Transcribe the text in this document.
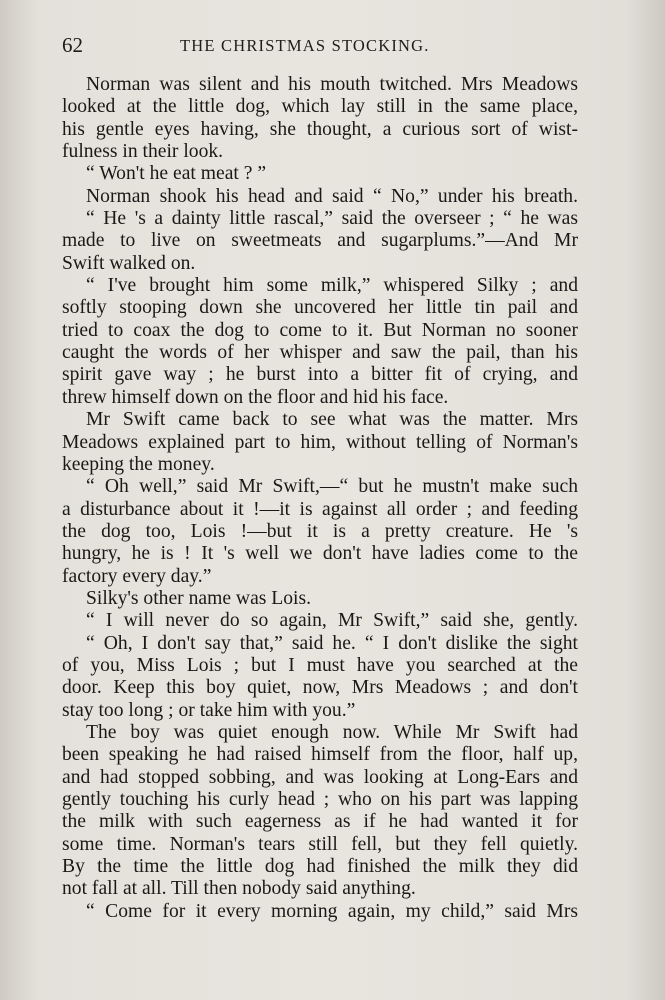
62	THE CHRISTMAS STOCKING.
Norman was silent and his mouth twitched. Mrs Meadows
looked at the little dog, which lay still in the same place,
his gentle eyes having, she thought, a curious sort of wist-
fulness in their look.
“ Won't he eat meat ? ”
Norman shook his head and said “ No,” under his breath.
“ He 's a dainty little rascal,” said the overseer ; “ he was
made to live on sweetmeats and sugarplums.”—And Mr
Swift walked on.
“ I've brought him some milk,” whispered Silky ; and
softly stooping down she uncovered her little tin pail and
tried to coax the dog to come to it. But Norman no sooner
caught the words of her whisper and saw the pail, than his
spirit gave way ; he burst into a bitter fit of crying, and
threw himself down on the floor and hid his face.
Mr Swift came back to see what was the matter. Mrs
Meadows explained part to him, without telling of Norman's
keeping the money.
“ Oh well,” said Mr Swift,—“ but he mustn't make such
a disturbance about it !—it is against all order ; and feeding
the dog too, Lois !—but it is a pretty creature. He 's
hungry, he is ! It 's well we don't have ladies come to the
factory every day.”
Silky's other name was Lois.
“ I will never do so again, Mr Swift,” said she, gently.
“ Oh, I don't say that,” said he. “ I don't dislike the sight
of you, Miss Lois ; but I must have you searched at the
door. Keep this boy quiet, now, Mrs Meadows ; and don't
stay too long ; or take him with you.”
The boy was quiet enough now. While Mr Swift had
been speaking he had raised himself from the floor, half up,
and had stopped sobbing, and was looking at Long-Ears and
gently touching his curly head ; who on his part was lapping
the milk with such eagerness as if he had wanted it for
some time. Norman's tears still fell, but they fell quietly.
By the time the little dog had finished the milk they did
not fall at all. Till then nobody said anything.
“ Come for it every morning again, my child,” said Mrs
